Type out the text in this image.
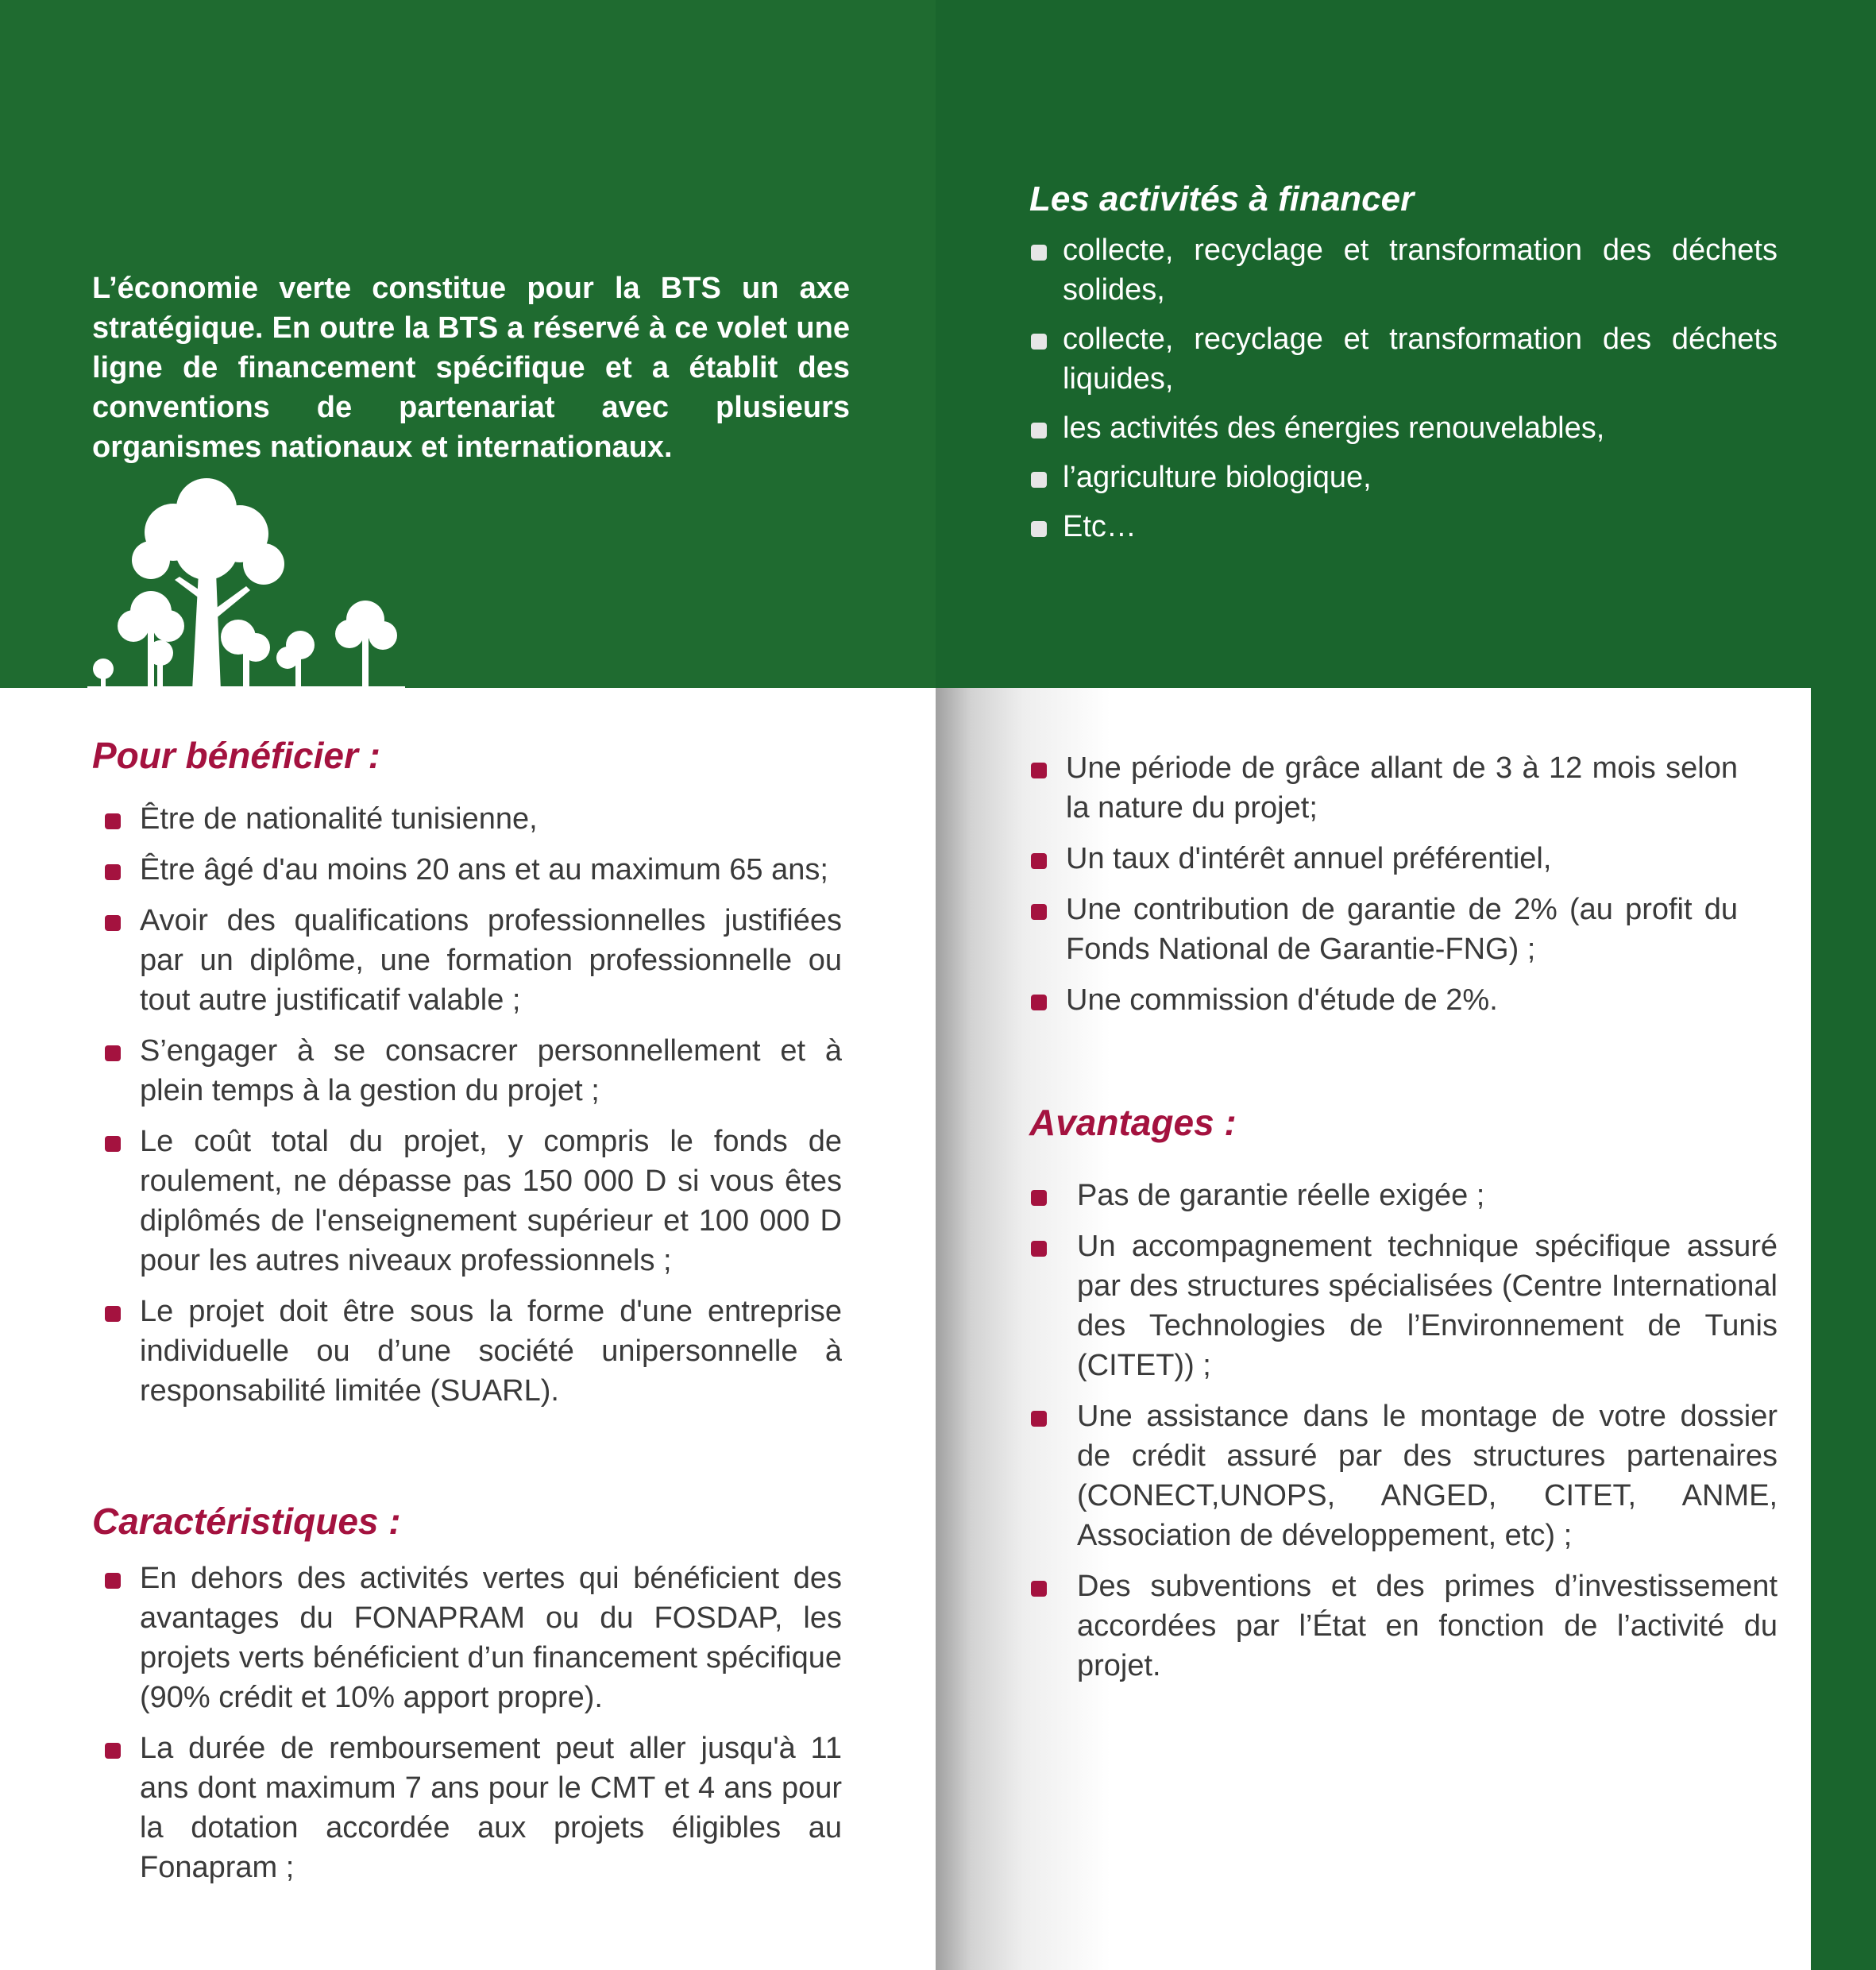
L’économie verte constitue pour la BTS un axe stratégique. En outre la BTS a réservé à ce volet une ligne de financement spécifique et a établit des conventions de partenariat avec plusieurs organismes nationaux et internationaux.

Les activités à financer
collecte, recyclage et transformation des déchets solides,
collecte, recyclage et transformation des déchets liquides,
les activités des énergies renouvelables,
l’agriculture biologique,
Etc…
Pour bénéficier :
Être de nationalité tunisienne,
Être âgé d'au moins 20 ans et au maximum 65 ans;
Avoir des qualifications professionnelles justifiées par un diplôme, une formation professionnelle ou tout autre justificatif valable ;
S’engager à se consacrer personnellement et à plein temps à la gestion du projet ;
Le coût total du projet, y compris le fonds de roulement, ne dépasse pas 150 000 D si vous êtes diplômés de l'enseignement supérieur et 100 000 D pour les autres niveaux professionnels ;
Le projet doit être sous la forme d'une entreprise individuelle ou d’une société unipersonnelle à responsabilité limitée (SUARL).
Caractéristiques :
En dehors des activités vertes qui bénéficient des avantages du FONAPRAM ou du FOSDAP, les projets verts bénéficient d’un financement spécifique (90% crédit et 10% apport propre).
La durée de remboursement peut aller jusqu'à 11 ans dont maximum 7 ans pour le CMT et 4 ans pour la dotation accordée aux projets éligibles au Fonapram ;
Une période de grâce allant de 3 à 12 mois selon la nature du projet;
Un taux d'intérêt annuel préférentiel,
Une contribution de garantie de 2% (au profit du Fonds National de Garantie-FNG) ;
Une commission d'étude de 2%.
Avantages :
Pas de garantie réelle exigée ;
Un accompagnement technique spécifique assuré par des structures spécialisées (Centre International des Technologies de l’Environnement de Tunis (CITET)) ;
Une assistance dans le montage de votre dossier de crédit assuré par des structures partenaires (CONECT,UNOPS, ANGED, CITET, ANME, Association de développement, etc) ;
Des subventions et des primes d’investissement accordées par l’État en fonction de l’activité du projet.
